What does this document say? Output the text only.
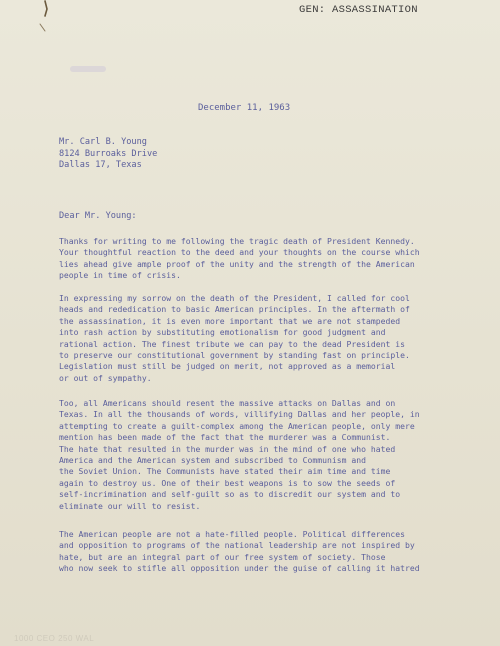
GEN: ASSASSINATION
December 11, 1963
Mr. Carl B. Young
8124 Burroaks Drive
Dallas 17, Texas
Dear Mr. Young:
Thanks for writing to me following the tragic death of President Kennedy.
Your thoughtful reaction to the deed and your thoughts on the course which
lies ahead give ample proof of the unity and the strength of the American
people in time of crisis.
In expressing my sorrow on the death of the President, I called for cool
heads and rededication to basic American principles. In the aftermath of
the assassination, it is even more important that we are not stampeded
into rash action by substituting emotionalism for good judgment and
rational action. The finest tribute we can pay to the dead President is
to preserve our constitutional government by standing fast on principle.
Legislation must still be judged on merit, not approved as a memorial
or out of sympathy.
Too, all Americans should resent the massive attacks on Dallas and on
Texas. In all the thousands of words, villifying Dallas and her people, in
attempting to create a guilt-complex among the American people, only mere
mention has been made of the fact that the murderer was a Communist.
The hate that resulted in the murder was in the mind of one who hated
America and the American system and subscribed to Communism and
the Soviet Union. The Communists have stated their aim time and time
again to destroy us. One of their best weapons is to sow the seeds of
self-incrimination and self-guilt so as to discredit our system and to
eliminate our will to resist.
The American people are not a hate-filled people. Political differences
and opposition to programs of the national leadership are not inspired by
hate, but are an integral part of our free system of society. Those
who now seek to stifle all opposition under the guise of calling it hatred
1000 CEO 250 WAL
